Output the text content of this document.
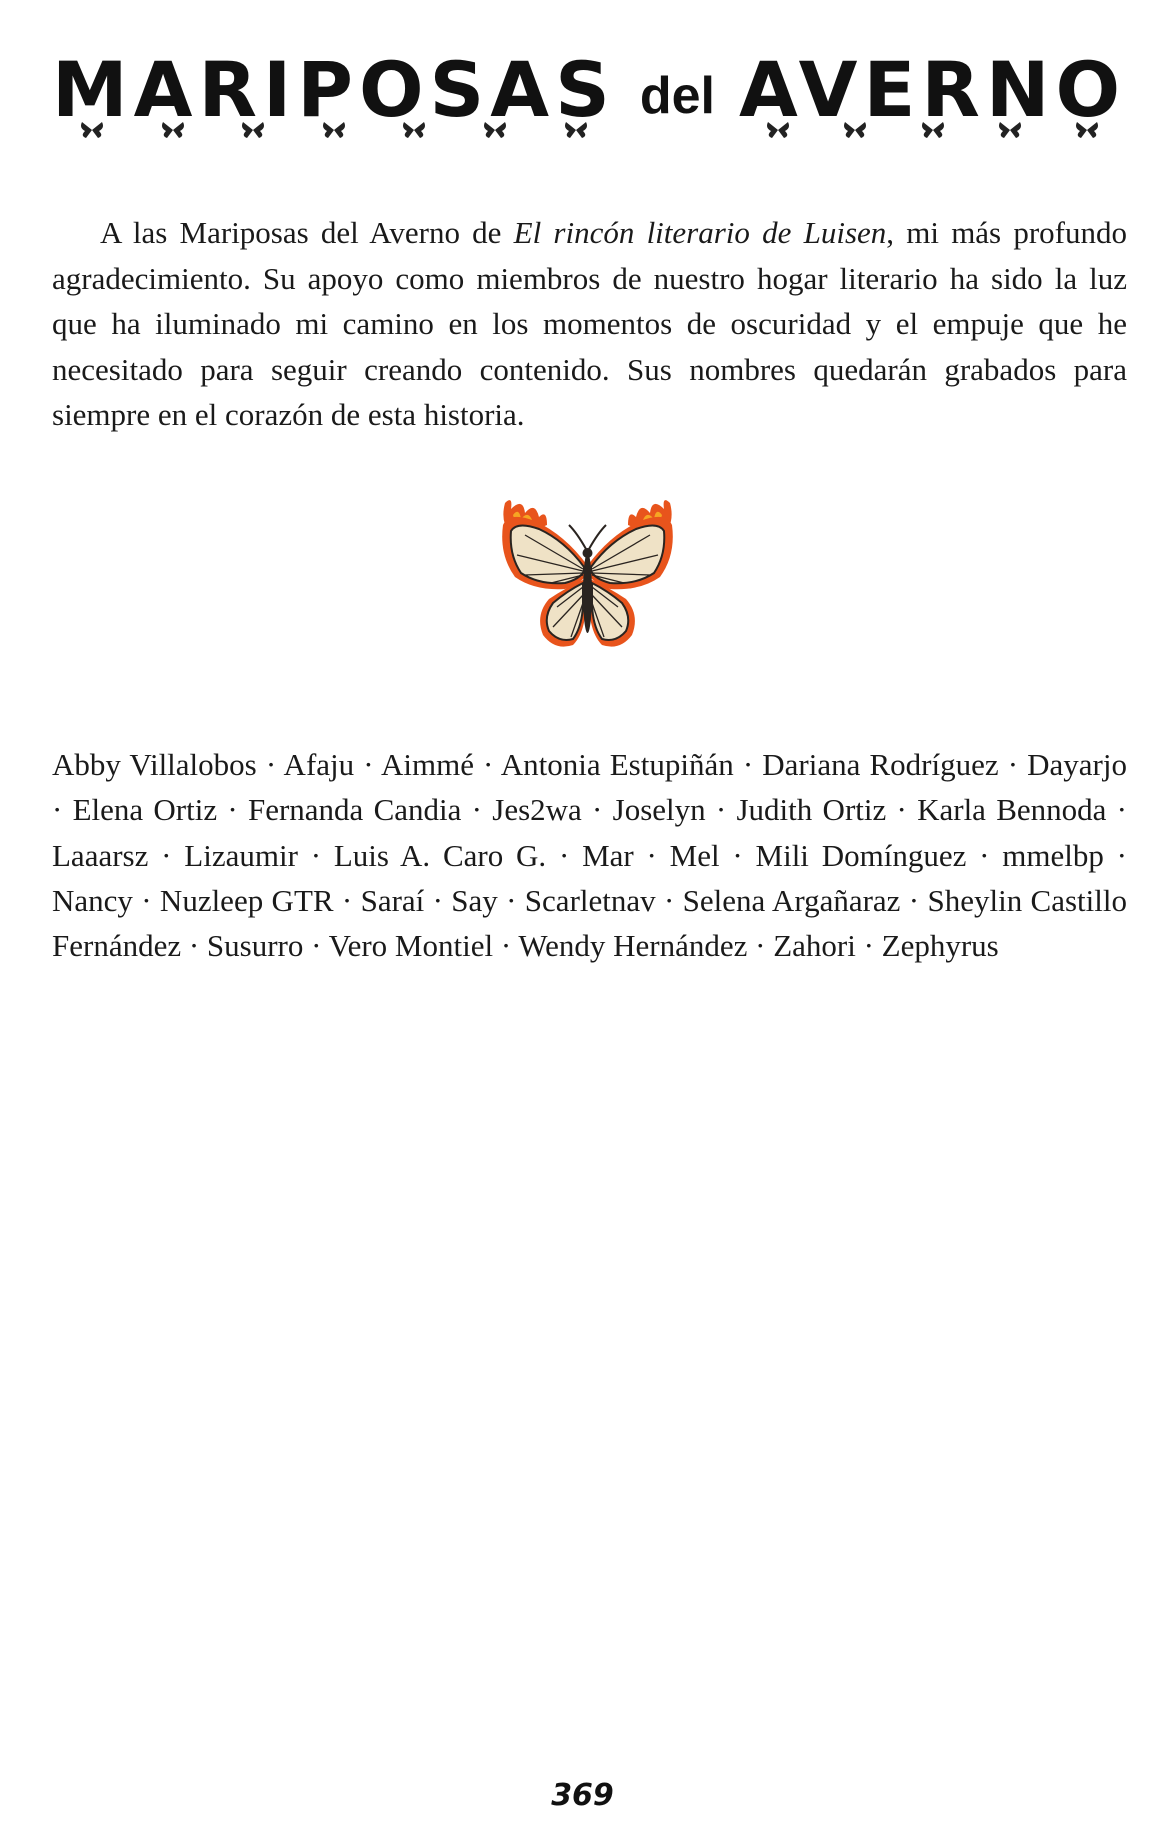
MARIPOSAS del AVERNO

A las Mariposas del Averno de El rincón literario de Luisen, mi más profundo agradecimiento. Su apoyo como miembros de nuestro hogar literario ha sido la luz que ha iluminado mi camino en los momentos de oscuridad y el empuje que he necesitado para seguir creando contenido. Sus nombres quedarán grabados para siempre en el corazón de esta historia.

Abby Villalobos · Afaju · Aimmé · Antonia Estupiñán · Dariana Rodríguez · Dayarjo · Elena Ortiz · Fernanda Candia · Jes2wa · Joselyn · Judith Ortiz · Karla Bennoda · Laaarsz · Lizaumir · Luis A. Caro G. · Mar · Mel · Mili Domínguez · mmelbp · Nancy · Nuzleep GTR · Saraí · Say · Scarletnav · Selena Argañaraz · Sheylin Castillo Fernández · Susurro · Vero Montiel · Wendy Hernández · Zahori · Zephyrus

369
